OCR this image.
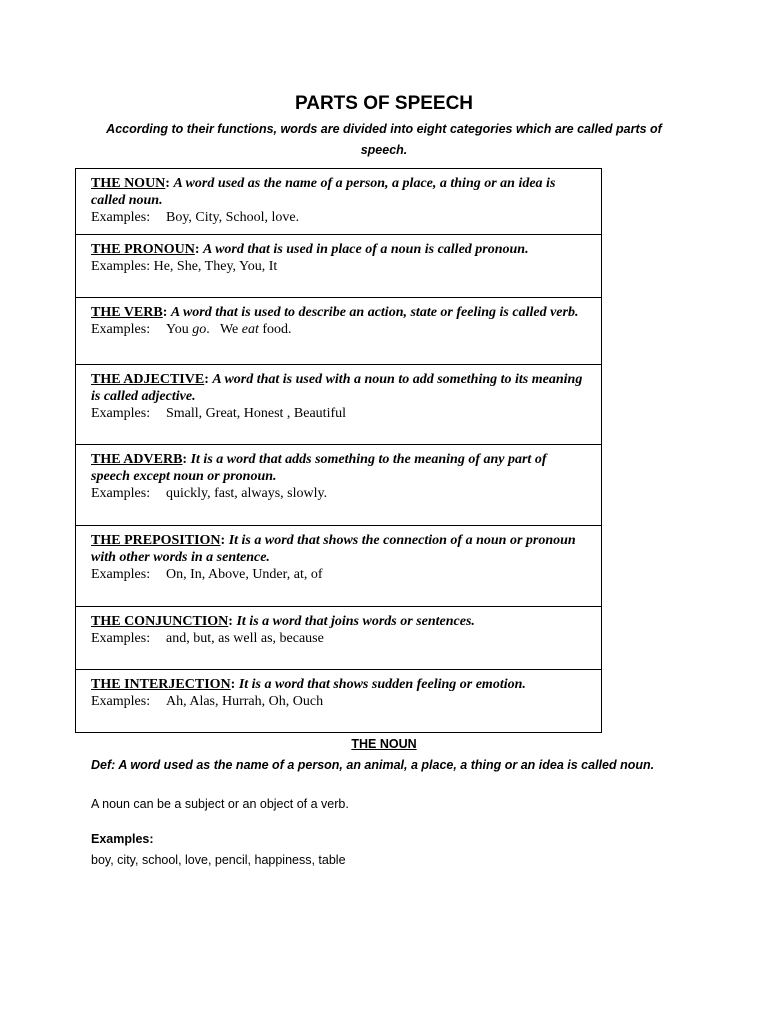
PARTS OF SPEECH
According to their functions, words are divided into eight categories which are called parts of speech.
THE NOUN: A word used as the name of a person, a place, a thing or an idea is called noun.
Examples: Boy, City, School, love.
THE PRONOUN: A word that is used in place of a noun is called pronoun.
Examples: He, She, They, You, It
THE VERB: A word that is used to describe an action, state or feeling is called verb.
Examples: You go.   We eat food.
THE ADJECTIVE: A word that is used with a noun to add something to its meaning is called adjective.
Examples: Small, Great, Honest , Beautiful
THE ADVERB: It is a word that adds something to the meaning of any part of speech except noun or pronoun.
Examples: quickly, fast, always, slowly.
THE PREPOSITION: It is a word that shows the connection of a noun or pronoun with other words in a sentence.
Examples: On, In, Above, Under, at, of
THE CONJUNCTION: It is a word that joins words or sentences.
Examples: and, but, as well as, because
THE INTERJECTION: It is a word that shows sudden feeling or emotion.
Examples: Ah, Alas, Hurrah, Oh, Ouch
THE NOUN
Def: A word used as the name of a person, an animal, a place, a thing or an idea is called noun.
A noun can be a subject or an object of a verb.
Examples:
boy, city, school, love, pencil, happiness, table
